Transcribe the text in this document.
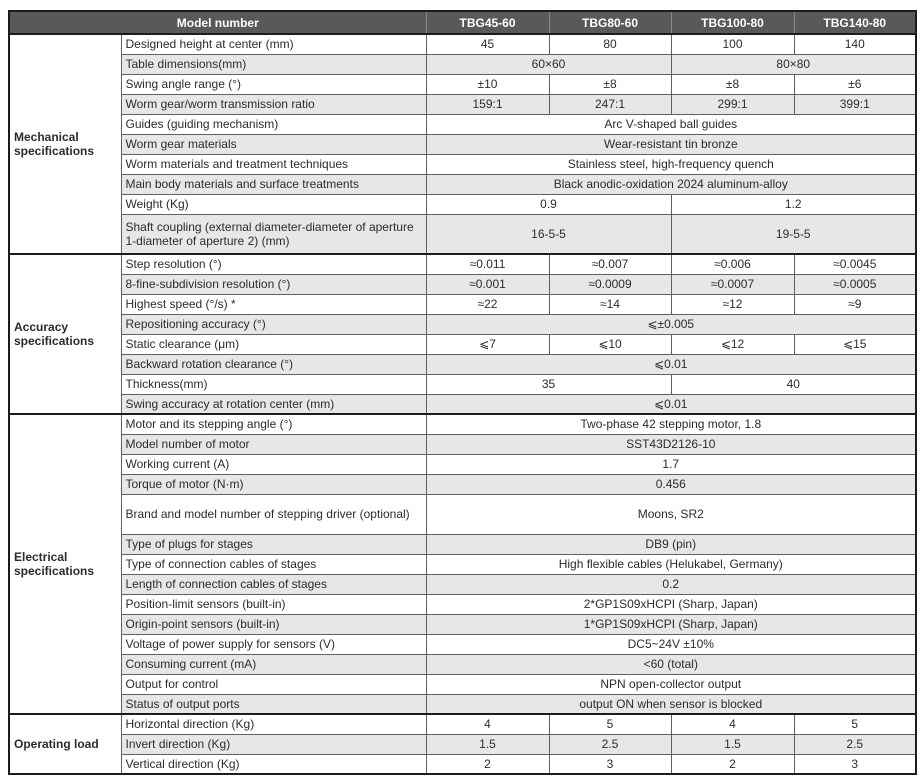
Model number		TBG45-60	TBG80-60	TBG100-80	TBG140-80
Mechanical specifications	Designed height at center (mm)	45	80	100	140
	Table dimensions(mm)	60×60		80×80	
	Swing angle range (°)	±10	±8	±8	±6
	Worm gear/worm transmission ratio	159:1	247:1	299:1	399:1
	Guides (guiding mechanism)	Arc V-shaped ball guides			
	Worm gear materials	Wear-resistant tin bronze			
	Worm materials and treatment techniques	Stainless steel, high-frequency quench			
	Main body materials and surface treatments	Black anodic-oxidation 2024 aluminum-alloy			
	Weight (Kg)	0.9		1.2	
	Shaft coupling (external diameter-diameter of aperture 1-diameter of aperture 2) (mm)	16-5-5		19-5-5	
Accuracy specifications	Step resolution (°)	≈0.011	≈0.007	≈0.006	≈0.0045
	8-fine-subdivision resolution (°)	≈0.001	≈0.0009	≈0.0007	≈0.0005
	Highest speed (°/s) *	≈22	≈14	≈12	≈9
	Repositioning accuracy (°)	⩽±0.005			
	Static clearance (μm)	⩽7	⩽10	⩽12	⩽15
	Backward rotation clearance (°)	⩽0.01			
	Thickness(mm)	35		40	
	Swing accuracy at rotation center (mm)	⩽0.01			
Electrical specifications	Motor and its stepping angle (°)	Two-phase 42 stepping motor, 1.8			
	Model number of motor	SST43D2126-10			
	Working current (A)	1.7			
	Torque of motor (N·m)	0.456			
	Brand and model number of stepping driver (optional)	Moons, SR2			
	Type of plugs for stages	DB9 (pin)			
	Type of connection cables of stages	High flexible cables (Helukabel, Germany)			
	Length of connection cables of stages	0.2			
	Position-limit sensors (built-in)	2*GP1S09xHCPI (Sharp, Japan)			
	Origin-point sensors (built-in)	1*GP1S09xHCPI (Sharp, Japan)			
	Voltage of power supply for sensors (V)	DC5~24V ±10%			
	Consuming current (mA)	<60 (total)			
	Output for control	NPN open-collector output			
	Status of output ports	output ON when sensor is blocked			
Operating load	Horizontal direction (Kg)	4	5	4	5
	Invert direction (Kg)	1.5	2.5	1.5	2.5
	Vertical direction (Kg)	2	3	2	3
